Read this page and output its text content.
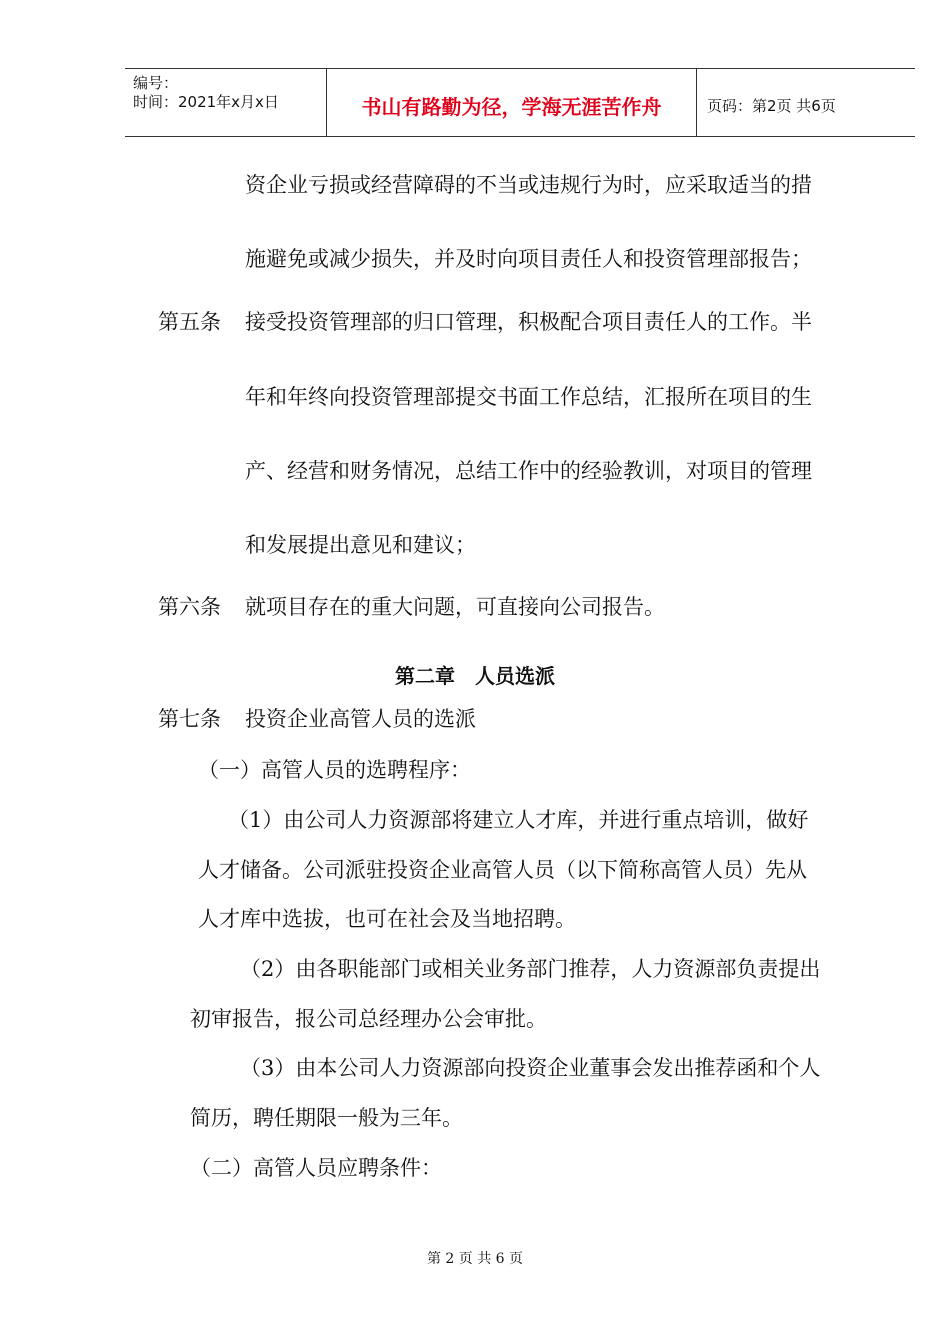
编号：
时间：2021年x月x日	书山有路勤为径，学海无涯苦作舟	页码：第2页 共6页
资企业亏损或经营障碍的不当或违规行为时，应采取适当的措
施避免或减少损失，并及时向项目责任人和投资管理部报告；
第五条 接受投资管理部的归口管理，积极配合项目责任人的工作。半
年和年终向投资管理部提交书面工作总结，汇报所在项目的生
产、经营和财务情况，总结工作中的经验教训，对项目的管理
和发展提出意见和建议；
第六条 就项目存在的重大问题，可直接向公司报告。
第二章　人员选派
第七条 投资企业高管人员的选派
（一）高管人员的选聘程序：
（1）由公司人力资源部将建立人才库，并进行重点培训，做好
人才储备。公司派驻投资企业高管人员（以下简称高管人员）先从
人才库中选拔，也可在社会及当地招聘。
（2）由各职能部门或相关业务部门推荐，人力资源部负责提出
初审报告，报公司总经理办公会审批。
（3）由本公司人力资源部向投资企业董事会发出推荐函和个人
简历，聘任期限一般为三年。
（二）高管人员应聘条件：
第 2 页 共 6 页
